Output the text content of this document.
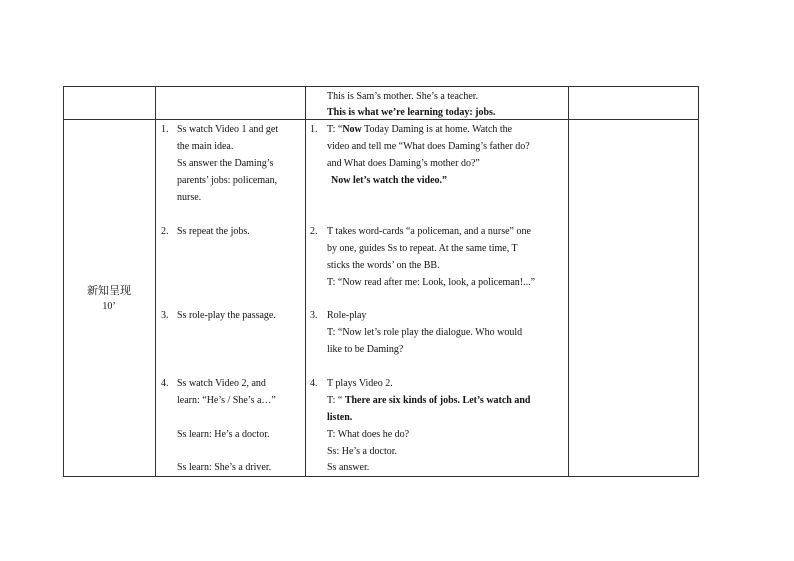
This is Sam’s mother. She’s a teacher.
This is what we’re learning today: jobs.
新知呈现
10’
1. Ss watch Video 1 and get
the main idea.
Ss answer the Daming’s
parents’ jobs: policeman,
nurse.
2. Ss repeat the jobs.
3. Ss role-play the passage.
4. Ss watch Video 2, and
learn: “He’s / She’s a…”
Ss learn: He’s a doctor.
Ss learn: She’s a driver.
1. T: “Now Today Daming is at home. Watch the
video and tell me “What does Daming’s father do?
and What does Daming’s mother do?”
Now let’s watch the video.”
2. T takes word-cards “a policeman, and a nurse” one
by one, guides Ss to repeat. At the same time, T
sticks the words’ on the BB.
T: “Now read after me: Look, look, a policeman!...”
3. Role-play
T: “Now let’s role play the dialogue. Who would
like to be Daming?
4. T plays Video 2.
T: “ There are six kinds of jobs. Let’s watch and
listen.
T: What does he do?
Ss: He’s a doctor.
Ss answer.
